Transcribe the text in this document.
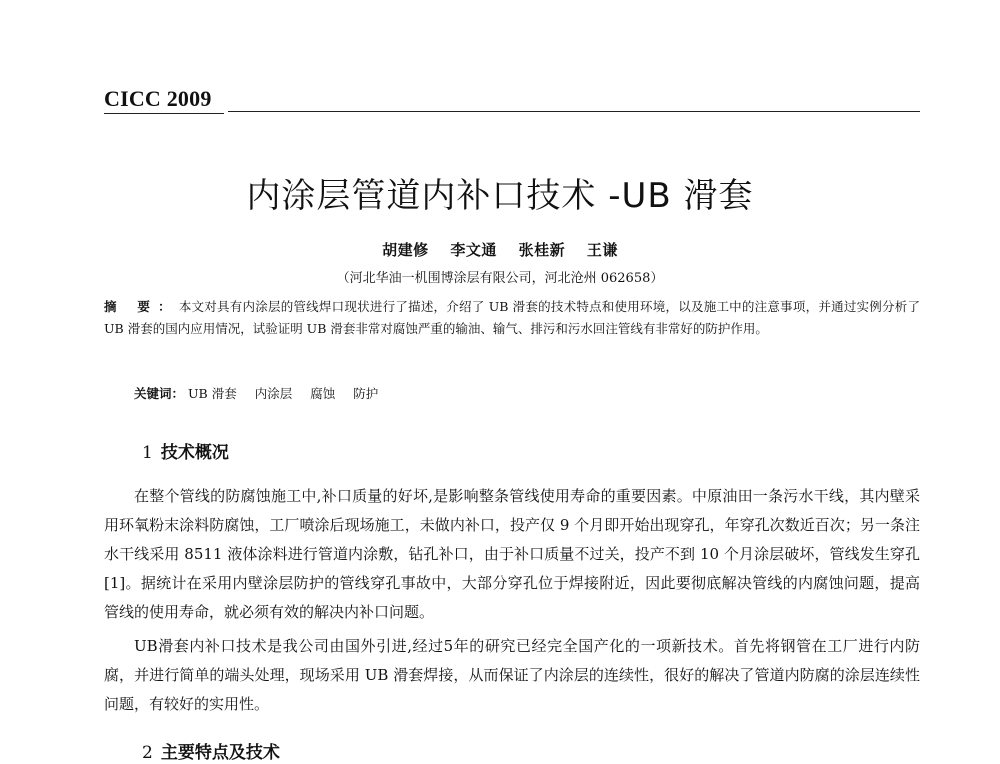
CICC 2009
内涂层管道内补口技术 -UB 滑套
胡建修 李文通 张桂新 王谦
（河北华油一机围博涂层有限公司，河北沧州 062658）
摘 要：本文对具有内涂层的管线焊口现状进行了描述，介绍了 UB 滑套的技术特点和使用环境，以及施工中的注意事项，并通过实例分析了 UB 滑套的国内应用情况，试验证明 UB 滑套非常对腐蚀严重的输油、输气、排污和污水回注管线有非常好的防护作用。
关键词： UB 滑套 内涂层 腐蚀 防护
1 技术概况

在整个管线的防腐蚀施工中,补口质量的好坏,是影响整条管线使用寿命的重要因素。中原油田一条污水干线，其内壁采用环氧粉末涂料防腐蚀，工厂喷涂后现场施工，未做内补口，投产仅 9 个月即开始出现穿孔，年穿孔次数近百次；另一条注水干线采用 8511 液体涂料进行管道内涂敷，钻孔补口，由于补口质量不过关，投产不到 10 个月涂层破坏，管线发生穿孔[1]。据统计在采用内壁涂层防护的管线穿孔事故中，大部分穿孔位于焊接附近，因此要彻底解决管线的内腐蚀问题，提高管线的使用寿命，就必须有效的解决内补口问题。

UB滑套内补口技术是我公司由国外引进,经过5年的研究已经完全国产化的一项新技术。首先将钢管在工厂进行内防腐，并进行简单的端头处理，现场采用 UB 滑套焊接，从而保证了内涂层的连续性，很好的解决了管道内防腐的涂层连续性问题，有较好的实用性。

2 主要特点及技术
